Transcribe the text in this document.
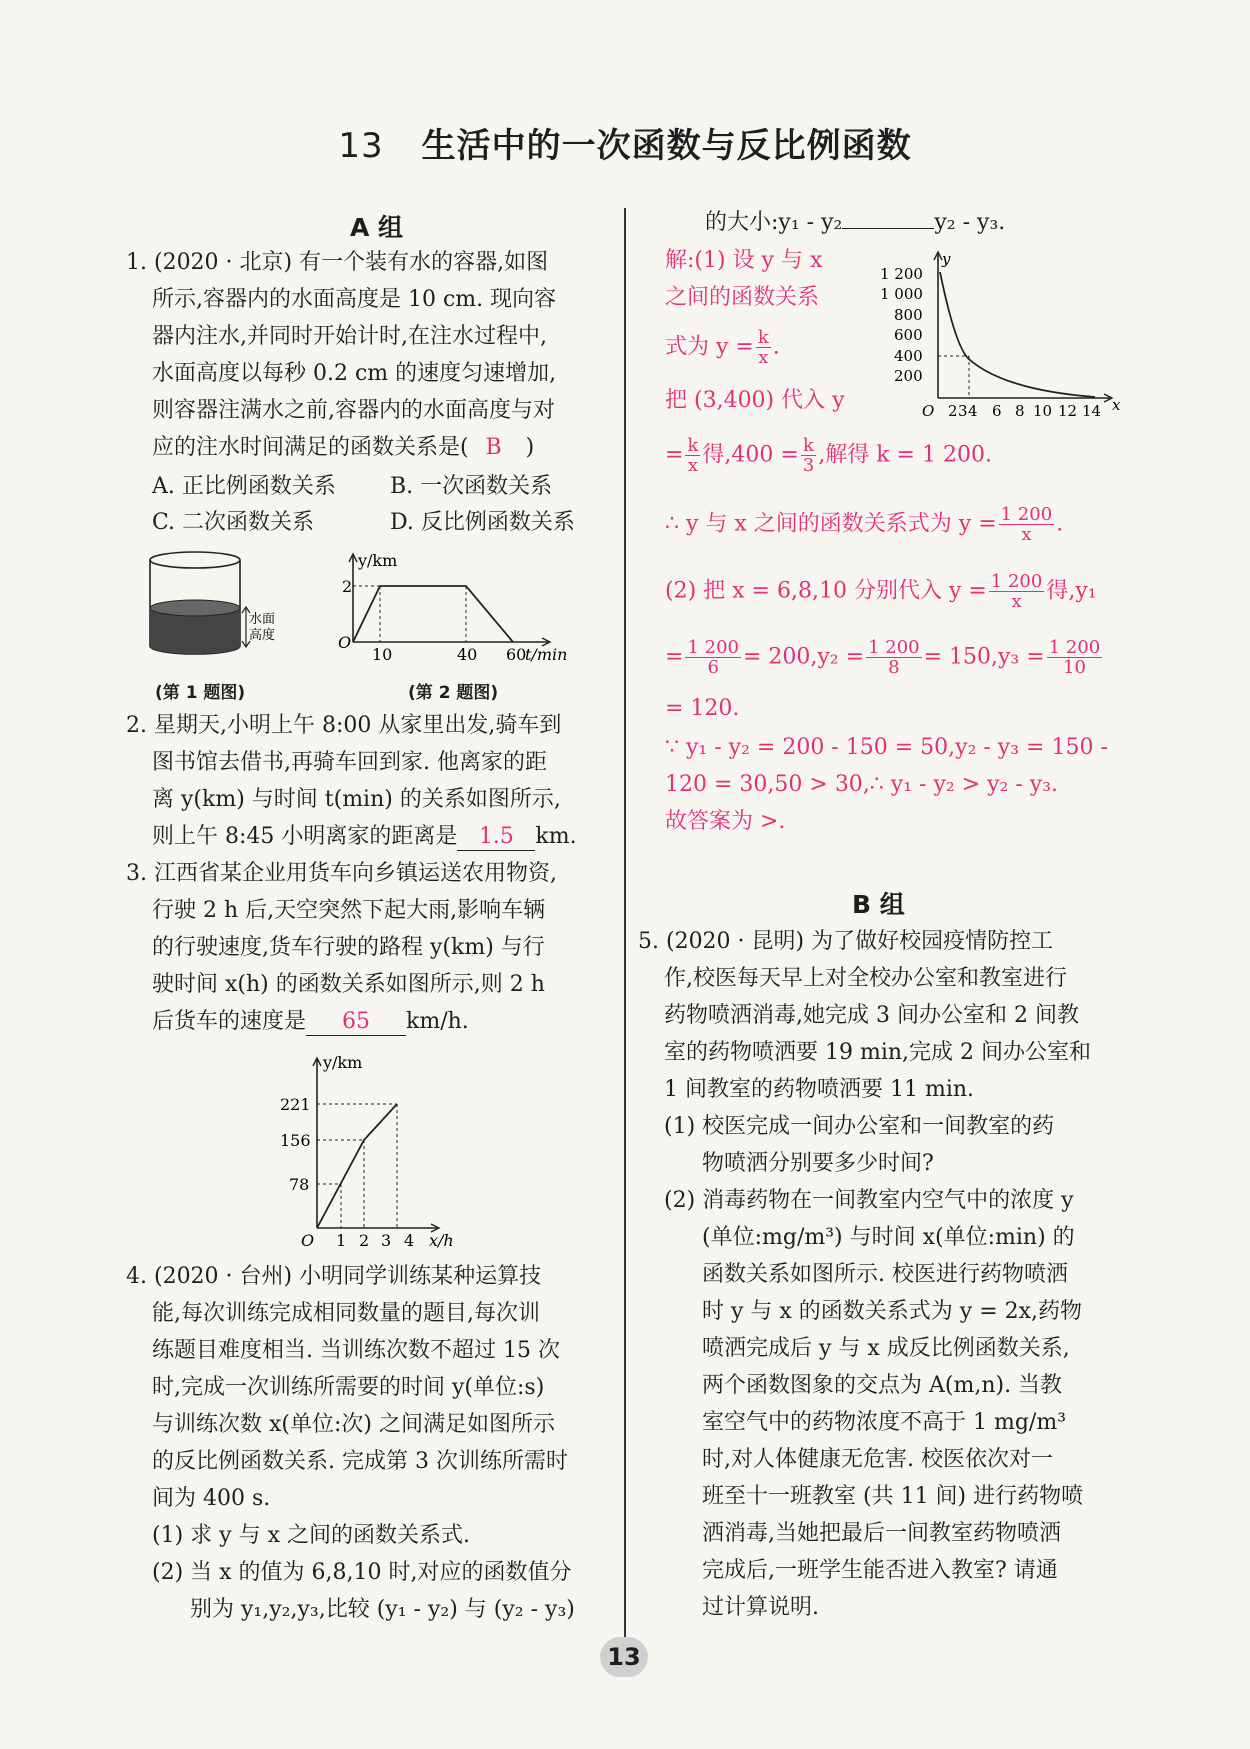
13 生活中的一次函数与反比例函数
A 组
1. (2020 · 北京) 有一个装有水的容器,如图
所示,容器内的水面高度是 10 cm. 现向容
器内注水,并同时开始计时,在注水过程中,
水面高度以每秒 0.2 cm 的速度匀速增加,
则容器注满水之前,容器内的水面高度与对
应的注水时间满足的函数关系是( B )
A. 正比例函数关系 B. 一次函数关系
C. 二次函数关系	D. 反比例函数关系
水面
高度
(第 1 题图)
y/km
2
O
10	40 60
t/min
(第 2 题图)
2. 星期天,小明上午 8:00 从家里出发,骑车到
图书馆去借书,再骑车回到家. 他离家的距
离 y(km) 与时间 t(min) 的关系如图所示,
则上午 8:45 小明离家的距离是 1.5 km.
3. 江西省某企业用货车向乡镇运送农用物资,
行驶 2 h 后,天空突然下起大雨,影响车辆
的行驶速度,货车行驶的路程 y(km) 与行
驶时间 x(h) 的函数关系如图所示,则 2 h
后货车的速度是 65 km/h.
y/km
221
156
78
O 1 2 3 4 x/h
4. (2020 · 台州) 小明同学训练某种运算技
能,每次训练完成相同数量的题目,每次训
练题目难度相当. 当训练次数不超过 15 次
时,完成一次训练所需要的时间 y(单位:s)
与训练次数 x(单位:次) 之间满足如图所示
的反比例函数关系. 完成第 3 次训练所需时
间为 400 s.
(1) 求 y 与 x 之间的函数关系式.
(2) 当 x 的值为 6,8,10 时,对应的函数值分
别为 y₁,y₂,y₃,比较 (y₁ - y₂) 与 (y₂ - y₃)
的大小:y₁ - y₂	y₂ - y₃.
y
1 200
1 000
800
600
400
200
O 2 3 4 6 8 10 12 14 x
解:(1) 设 y 与 x
之间的函数关系
式为 $y = \frac{k}{x}$ .
把 (3,400) 代入 y
= $\frac{k}{x}$ 得$,400 = \frac{k}{3}$ ,解得 k = 1 200.
∴ y 与 x 之间的函数关系式为 $y = \frac{1 200}{x}$ .
(2) 把 x = 6,8,10 分别代入 $y = \frac{1 200}{x}$ 得,y₁
= $\frac{1 200}{6} = 200,y_2 = \frac{1 200}{8} = 150,y_3 = \frac{1 200}{10}$
= 120.
∵ y₁ - y₂ = 200 - 150 = 50,y₂ - y₃ = 150 -
120 = 30,50 > 30,∴ y₁ - y₂ > y₂ - y₃.
故答案为 >.
B 组
5. (2020 · 昆明) 为了做好校园疫情防控工
作,校医每天早上对全校办公室和教室进行
药物喷洒消毒,她完成 3 间办公室和 2 间教
室的药物喷洒要 19 min,完成 2 间办公室和
1 间教室的药物喷洒要 11 min.
(1) 校医完成一间办公室和一间教室的药
物喷洒分别要多少时间?
(2) 消毒药物在一间教室内空气中的浓度 y
(单位:mg/m³) 与时间 x(单位:min) 的
函数关系如图所示. 校医进行药物喷洒
时 y 与 x 的函数关系式为 y = 2x,药物
喷洒完成后 y 与 x 成反比例函数关系,
两个函数图象的交点为 A(m,n). 当教
室空气中的药物浓度不高于 1 mg/m³
时,对人体健康无危害. 校医依次对一
班至十一班教室 (共 11 间) 进行药物喷
洒消毒,当她把最后一间教室药物喷洒
完成后,一班学生能否进入教室? 请通
过计算说明.
13
